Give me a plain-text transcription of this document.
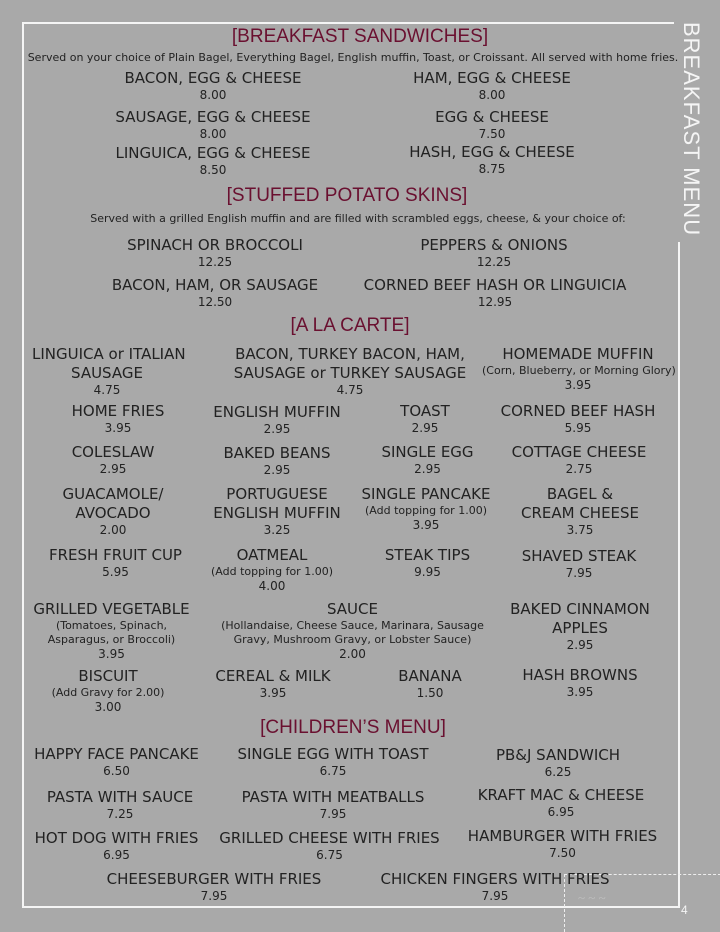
BREAKFAST MENU
~ ~ ~
4
[BREAKFAST SANDWICHES]
Served on your choice of Plain Bagel, Everything Bagel, English muffin, Toast, or Croissant. All served with home fries.
BACON, EGG & CHEESE
8.00
HAM, EGG & CHEESE
8.00
SAUSAGE, EGG & CHEESE
8.00
EGG & CHEESE
7.50
LINGUICA, EGG & CHEESE
8.50
HASH, EGG & CHEESE
8.75
[STUFFED POTATO SKINS]
Served with a grilled English muffin and are filled with scrambled eggs, cheese, & your choice of:
SPINACH OR BROCCOLI
12.25
PEPPERS & ONIONS
12.25
BACON, HAM, OR SAUSAGE
12.50
CORNED BEEF HASH OR LINGUICIA
12.95
[A LA CARTE]
LINGUICA or ITALIAN
SAUSAGE
4.75
BACON, TURKEY BACON, HAM,
SAUSAGE or TURKEY SAUSAGE
4.75
HOMEMADE MUFFIN
(Corn, Blueberry, or Morning Glory)
3.95
HOME FRIES
3.95
ENGLISH MUFFIN
2.95
TOAST
2.95
CORNED BEEF HASH
5.95
COLESLAW
2.95
BAKED BEANS
2.95
SINGLE EGG
2.95
COTTAGE CHEESE
2.75
GUACAMOLE/
AVOCADO
2.00
PORTUGUESE
ENGLISH MUFFIN
3.25
SINGLE PANCAKE
(Add topping for 1.00)
3.95
BAGEL &
CREAM CHEESE
3.75
FRESH FRUIT CUP
5.95
OATMEAL
(Add topping for 1.00)
4.00
STEAK TIPS
9.95
SHAVED STEAK
7.95
GRILLED VEGETABLE
(Tomatoes, Spinach,
Asparagus, or Broccoli)
3.95
SAUCE
(Hollandaise, Cheese Sauce, Marinara, Sausage
Gravy, Mushroom Gravy, or Lobster Sauce)
2.00
BAKED CINNAMON
APPLES
2.95
BISCUIT
(Add Gravy for 2.00)
3.00
CEREAL & MILK
3.95
BANANA
1.50
HASH BROWNS
3.95
[CHILDREN’S MENU]
HAPPY FACE PANCAKE
6.50
SINGLE EGG WITH TOAST
6.75
PB&J SANDWICH
6.25
PASTA WITH SAUCE
7.25
PASTA WITH MEATBALLS
7.95
KRAFT MAC & CHEESE
6.95
HOT DOG WITH FRIES
6.95
GRILLED CHEESE WITH FRIES
6.75
HAMBURGER WITH FRIES
7.50
CHEESEBURGER WITH FRIES
7.95
CHICKEN FINGERS WITH FRIES
7.95
